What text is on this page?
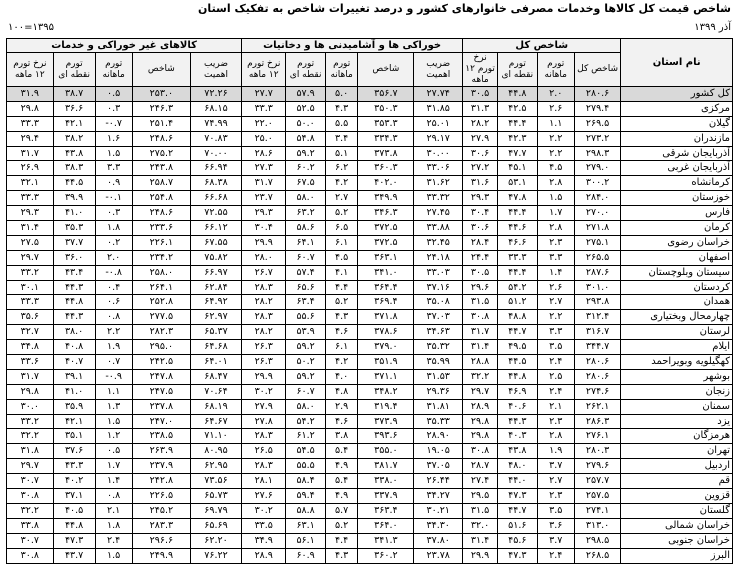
شاخص قیمت کل کالاها وخدمات مصرفی خانوارهای کشور و درصد تغییرات شاخص به تفکیک استان
آذر ۱۳۹۹
۱۳۹۵=۱۰۰
نام استان	شاخص کل				خوراکی ها و آشامیدنی ها و دخانیات					کالاهای غیر خوراکی و خدمات				
	شاخص کل	تورم ماهانه	تورم نقطه ای	نرخ تورم ۱۲ ماهه	ضریب اهمیت	شاخص	تورم ماهانه	تورم نقطه ای	نرخ تورم ۱۲ ماهه	ضریب اهمیت	شاخص	تورم ماهانه	تورم نقطه ای	نرخ تورم ۱۲ ماهه
کل کشور	۲۸۰.۶	۲.۰	۴۴.۸	۳۰.۵	۲۷.۷۴	۳۵۶.۷	۵.۰	۵۷.۹	۲۷.۷	۷۲.۲۶	۲۵۳.۰	۰.۵	۳۸.۷	۳۱.۹
مرکزی	۲۷۹.۴	۲.۶	۴۲.۵	۳۱.۳	۳۱.۸۵	۳۵۰.۳	۴.۳	۵۲.۵	۳۳.۳	۶۸.۱۵	۲۴۶.۳	۰.۳	۳۶.۶	۲۹.۸
گیلان	۲۶۹.۵	۱.۱	۴۴.۴	۲۸.۲	۲۵.۰۱	۳۵۳.۳	۵.۵	۵۰.۰	۲۲.۰	۷۴.۹۹	۲۵۱.۴	۰.۷-	۴۲.۱	۳۳.۳
مازندران	۲۷۳.۲	۲.۲	۴۲.۳	۲۷.۹	۲۹.۱۷	۳۳۴.۳	۳.۴	۵۴.۸	۲۵.۰	۷۰.۸۳	۲۴۸.۶	۱.۶	۳۸.۲	۲۹.۴
آذربایجان شرقی	۲۹۸.۳	۲.۲	۴۷.۷	۳۰.۶	۳۰.۰۰	۳۷۳.۸	۵.۱	۵۹.۲	۲۸.۶	۷۰.۰۰	۲۷۵.۲	۱.۵	۴۳.۸	۳۱.۷
آذربایجان غربی	۲۷۹.۰	۴.۵	۴۵.۱	۲۷.۲	۳۳.۰۶	۳۶۰.۳	۶.۲	۶۰.۲	۲۷.۳	۶۶.۹۴	۲۴۳.۸	۳.۳	۳۸.۳	۲۶.۹
کرمانشاه	۳۰۰.۲	۲.۸	۵۳.۱	۳۱.۶	۳۱.۶۲	۴۰۲.۰	۴.۲	۶۷.۵	۳۱.۷	۶۸.۳۸	۲۵۸.۷	۰.۹	۴۴.۵	۳۲.۱
خوزستان	۲۸۴.۰	۱.۵	۴۷.۸	۲۹.۳	۳۳.۳۲	۳۴۹.۹	۲.۷	۵۸.۰	۲۳.۷	۶۶.۶۸	۲۵۴.۸	۰.۱-	۳۹.۹	۳۳.۳
فارس	۲۷۰.۰	۱.۷	۴۴.۴	۳۰.۴	۲۷.۴۵	۳۴۶.۳	۵.۲	۶۳.۲	۲۹.۳	۷۲.۵۵	۲۴۸.۶	۰.۳	۴۱.۰	۲۹.۳
کرمان	۲۷۱.۸	۲.۸	۴۴.۶	۳۰.۶	۳۳.۸۸	۳۷۲.۵	۶.۵	۵۸.۶	۳۰.۴	۶۶.۱۲	۲۳۳.۶	۱.۸	۳۵.۳	۳۱.۴
خراسان رضوی	۲۷۵.۱	۲.۳	۴۶.۶	۲۸.۴	۳۲.۴۵	۳۷۲.۵	۶.۱	۶۴.۱	۲۹.۹	۶۷.۵۵	۲۲۶.۱	۰.۲	۳۷.۷	۲۷.۵
اصفهان	۲۶۵.۵	۳.۳	۳۳.۳	۲۴.۴	۲۴.۱۸	۳۶۳.۱	۴.۵	۶۰.۷	۲۸.۰	۷۵.۸۲	۲۳۴.۲	۲.۰	۳۶.۰	۲۹.۷
سیستان وبلوچستان	۲۸۷.۶	۱.۴	۴۴.۴	۳۰.۵	۳۳.۰۳	۳۴۱.۰	۴.۱	۵۷.۴	۲۶.۷	۶۶.۹۷	۲۵۸.۰	۰.۸-	۴۳.۴	۳۳.۲
کردستان	۳۰۱.۰	۲.۶	۵۴.۲	۲۹.۶	۳۷.۱۶	۳۶۴.۴	۴.۴	۶۵.۶	۲۸.۳	۶۲.۸۴	۲۶۴.۱	۰.۴	۴۴.۳	۳۰.۱
همدان	۲۹۳.۸	۲.۷	۵۱.۲	۳۱.۵	۳۵.۰۸	۳۶۹.۴	۵.۲	۶۳.۴	۲۸.۲	۶۴.۹۲	۲۵۲.۸	۰.۶	۴۴.۸	۳۳.۳
چهارمحال وبختیاری	۳۱۲.۴	۲.۲	۴۸.۸	۳۰.۸	۳۷.۰۳	۳۷۱.۸	۴.۳	۵۵.۶	۲۸.۳	۶۲.۹۷	۲۷۷.۵	۰.۸	۴۴.۳	۳۵.۶
لرستان	۳۱۶.۷	۳.۳	۴۴.۷	۳۱.۷	۳۴.۶۳	۳۷۸.۶	۴.۶	۵۳.۹	۲۸.۲	۶۵.۳۷	۲۸۲.۳	۲.۲	۳۸.۰	۳۲.۷
ایلام	۳۴۴.۷	۳.۵	۴۹.۵	۳۱.۴	۳۵.۳۲	۳۷۹.۰	۶.۱	۵۹.۲	۲۶.۳	۶۴.۶۸	۲۹۵.۰	۱.۹	۴۰.۸	۳۴.۸
کهگیلویه وبویراحمد	۲۸۰.۶	۲.۴	۴۴.۵	۲۸.۸	۳۵.۹۹	۳۵۱.۹	۴.۲	۵۰.۲	۲۶.۳	۶۴.۰۱	۲۴۲.۵	۰.۷	۴۰.۷	۳۳.۶
بوشهر	۲۸۰.۶	۲.۵	۴۴.۸	۳۲.۲	۳۱.۵۳	۳۷۱.۱	۴.۰	۵۹.۲	۲۹.۹	۶۸.۴۷	۲۴۷.۸	۰.۹-	۳۹.۱	۳۱.۷
زنجان	۲۷۴.۶	۲.۴	۴۶.۹	۲۹.۷	۲۹.۳۶	۳۴۸.۲	۴.۸	۶۰.۷	۳۰.۲	۷۰.۶۴	۲۴۷.۵	۱.۱	۴۱.۰	۲۹.۸
سمنان	۲۶۲.۱	۲.۱	۴۰.۶	۲۸.۹	۳۱.۸۱	۳۱۹.۴	۲.۹	۵۸.۰	۲۷.۹	۶۸.۱۹	۲۳۷.۸	۱.۳	۳۵.۹	۳۰.۰
یزد	۲۸۶.۳	۲.۳	۴۴.۳	۲۹.۸	۳۵.۳۳	۳۷۳.۹	۴.۶	۵۴.۲	۲۷.۸	۶۴.۶۷	۲۴۷.۰	۱.۵	۴۲.۱	۳۳.۲
هرمزگان	۲۷۶.۱	۲.۸	۴۰.۳	۲۹.۸	۲۸.۹۰	۳۹۳.۶	۳.۸	۶۱.۲	۲۸.۳	۷۱.۱۰	۲۳۸.۵	۱.۲	۳۵.۱	۳۲.۲
تهران	۲۸۰.۳	۱.۹	۴۳.۸	۳۰.۸	۱۹.۰۵	۳۵۵.۰	۵.۴	۵۴.۵	۲۶.۵	۸۰.۹۵	۲۶۳.۹	۰.۵	۳۷.۶	۳۱.۸
اردبیل	۲۷۹.۶	۳.۷	۴۸.۰	۲۸.۷	۳۷.۰۵	۳۸۱.۷	۴.۹	۵۵.۵	۲۸.۳	۶۲.۹۵	۲۳۷.۹	۱.۷	۴۳.۳	۲۹.۷
قم	۲۵۷.۷	۲.۷	۴۴.۰	۲۷.۴	۲۶.۴۴	۳۳۸.۰	۵.۴	۵۸.۴	۲۸.۱	۷۳.۵۶	۲۴۲.۸	۱.۴	۴۰.۲	۳۰.۷
قزوین	۲۵۷.۵	۲.۳	۴۷.۳	۲۹.۵	۳۴.۲۷	۳۳۷.۹	۴.۹	۵۹.۴	۲۷.۶	۶۵.۷۳	۲۲۶.۵	۰.۸	۳۷.۱	۳۰.۸
گلستان	۲۷۴.۱	۳.۵	۴۴.۷	۳۱.۵	۳۰.۲۱	۳۶۳.۴	۵.۷	۵۸.۸	۳۰.۲	۶۹.۷۹	۲۴۵.۲	۲.۱	۴۰.۵	۳۲.۲
خراسان شمالی	۳۱۳.۰	۳.۶	۵۱.۶	۳۲.۰	۳۴.۳۰	۳۶۴.۰	۵.۲	۶۳.۱	۳۳.۵	۶۵.۶۹	۲۸۳.۳	۱.۸	۴۴.۸	۳۳.۸
خراسان جنوبی	۲۹۸.۵	۳.۷	۴۵.۶	۳۱.۴	۳۷.۸۰	۳۴۱.۳	۴.۴	۵۶.۱	۳۴.۹	۶۲.۲۰	۲۹۶.۶	۲.۴	۴۷.۳	۳۰.۷
البرز	۲۶۸.۵	۲.۴	۴۷.۳	۲۹.۹	۲۳.۷۸	۳۶۰.۲	۴.۳	۶۰.۹	۲۸.۹	۷۶.۲۲	۲۴۹.۹	۱.۵	۴۳.۷	۳۰.۸
